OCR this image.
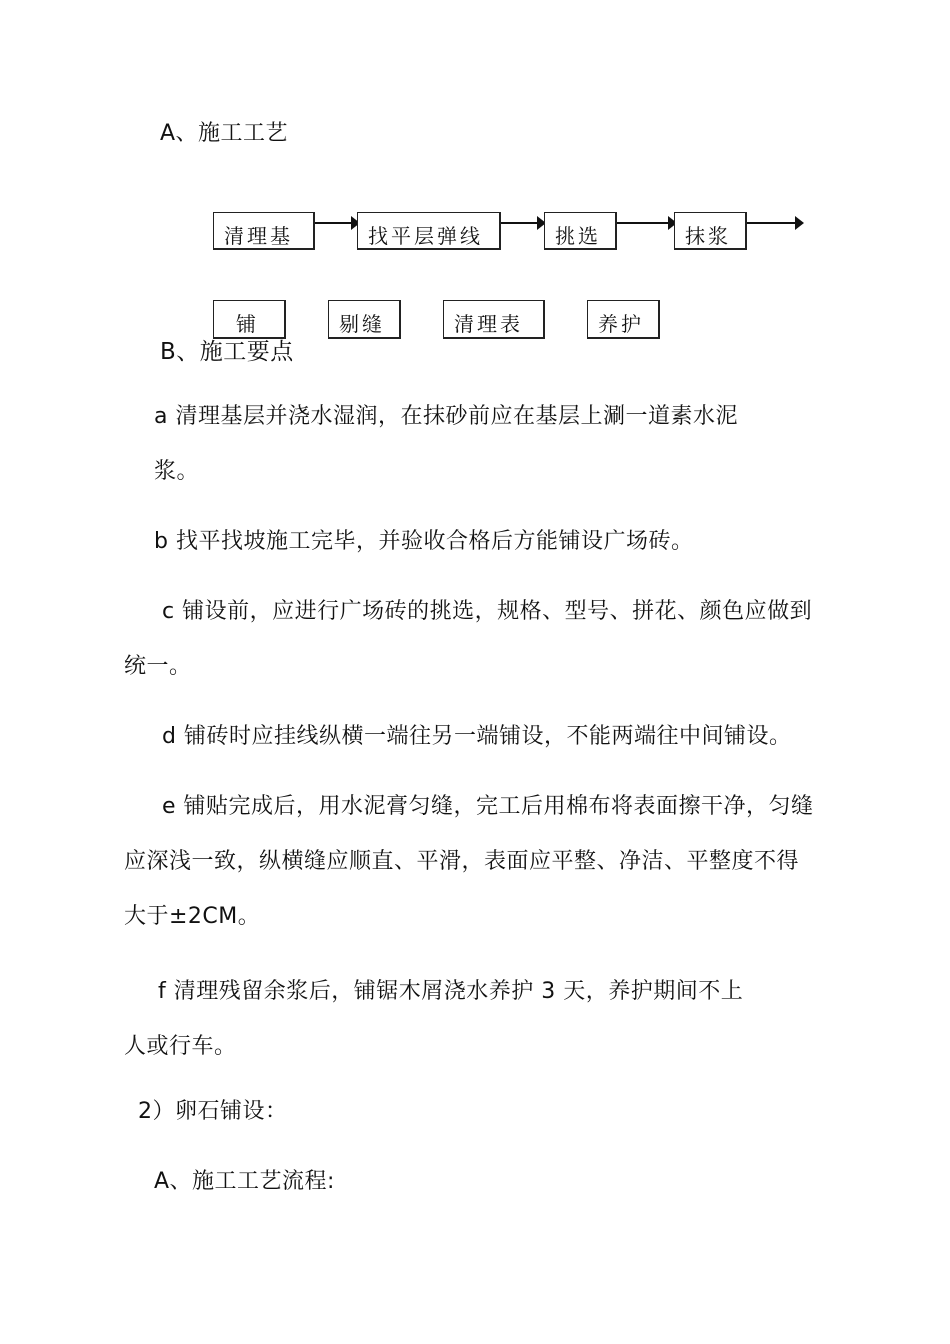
A、施工工艺
清理基	找平层弹线	挑选	抹浆
铺	剔缝	清理表	养护
B、施工要点
a 清理基层并浇水湿润，在抹砂前应在基层上涮一道素水泥
浆。
b 找平找坡施工完毕，并验收合格后方能铺设广场砖。
c 铺设前，应进行广场砖的挑选，规格、型号、拼花、颜色应做到
统一。
d 铺砖时应挂线纵横一端往另一端铺设，不能两端往中间铺设。
e 铺贴完成后，用水泥膏匀缝，完工后用棉布将表面擦干净，匀缝
应深浅一致，纵横缝应顺直、平滑，表面应平整、净洁、平整度不得
大于±2CM。
f 清理残留余浆后，铺锯木屑浇水养护 3 天，养护期间不上
人或行车。
2）卵石铺设：
A、施工工艺流程:
